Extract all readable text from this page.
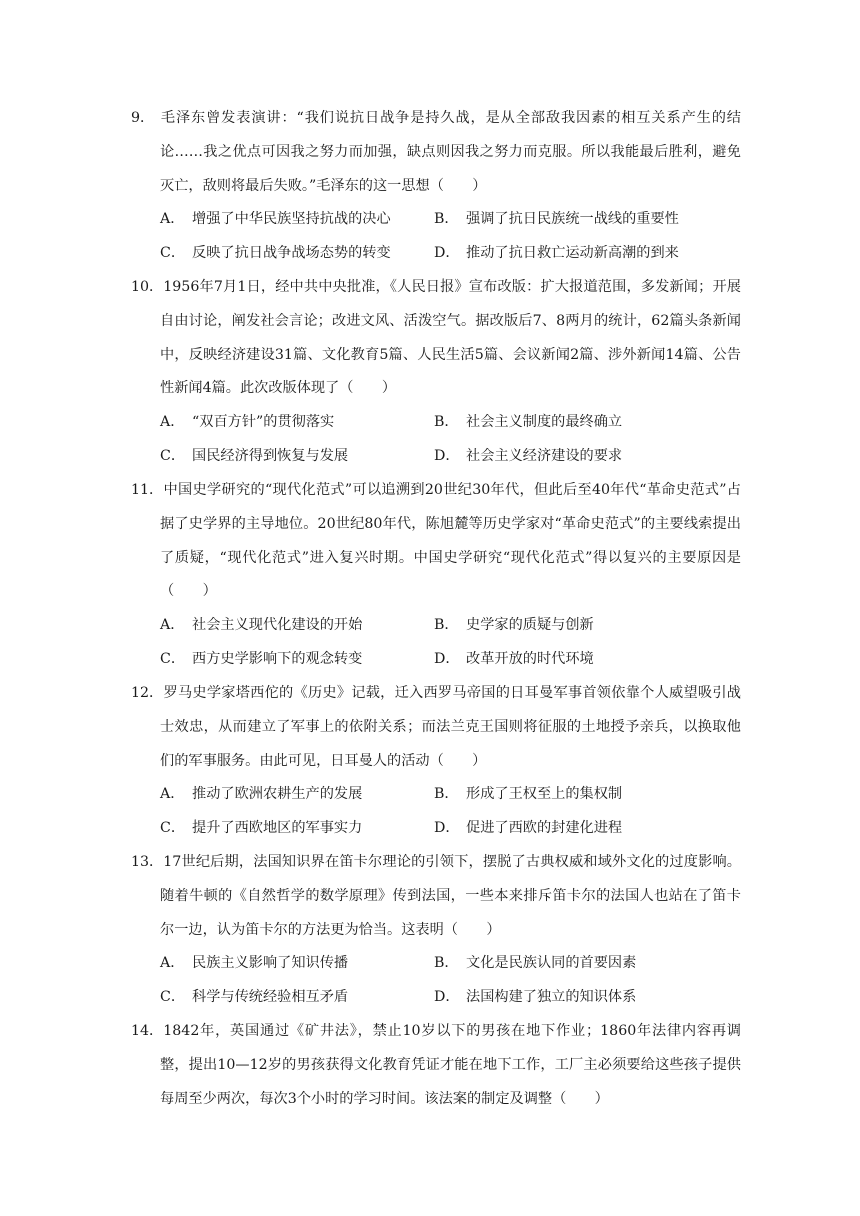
9． 毛泽东曾发表演讲：“我们说抗日战争是持久战，是从全部敌我因素的相互关系产生的结论……我之优点可因我之努力而加强，缺点则因我之努力而克服。所以我能最后胜利，避免灭亡，敌则将最后失败。”毛泽东的这一思想（　　）
A． 增强了中华民族坚持抗战的决心	B． 强调了抗日民族统一战线的重要性
C． 反映了抗日战争战场态势的转变	D． 推动了抗日救亡运动新高潮的到来
10．1956年7月1日，经中共中央批准，《人民日报》宣布改版：扩大报道范围，多发新闻；开展自由讨论，阐发社会言论；改进文风、活泼空气。据改版后7、8两月的统计，62篇头条新闻中，反映经济建设31篇、文化教育5篇、人民生活5篇、会议新闻2篇、涉外新闻14篇、公告性新闻4篇。此次改版体现了（　　）
A． “双百方针”的贯彻落实	B． 社会主义制度的最终确立
C． 国民经济得到恢复与发展	D． 社会主义经济建设的要求
11．中国史学研究的“现代化范式”可以追溯到20世纪30年代，但此后至40年代“革命史范式”占据了史学界的主导地位。20世纪80年代，陈旭麓等历史学家对“革命史范式”的主要线索提出了质疑，“现代化范式”进入复兴时期。中国史学研究“现代化范式”得以复兴的主要原因是（　　）
A． 社会主义现代化建设的开始	B． 史学家的质疑与创新
C． 西方史学影响下的观念转变	D． 改革开放的时代环境
12．罗马史学家塔西佗的《历史》记载，迁入西罗马帝国的日耳曼军事首领依靠个人威望吸引战士效忠，从而建立了军事上的依附关系；而法兰克王国则将征服的土地授予亲兵，以换取他们的军事服务。由此可见，日耳曼人的活动（　　）
A． 推动了欧洲农耕生产的发展	B． 形成了王权至上的集权制
C． 提升了西欧地区的军事实力	D． 促进了西欧的封建化进程
13．17世纪后期，法国知识界在笛卡尔理论的引领下，摆脱了古典权威和域外文化的过度影响。随着牛顿的《自然哲学的数学原理》传到法国，一些本来排斥笛卡尔的法国人也站在了笛卡尔一边，认为笛卡尔的方法更为恰当。这表明（　　）
A． 民族主义影响了知识传播	B． 文化是民族认同的首要因素
C． 科学与传统经验相互矛盾	D． 法国构建了独立的知识体系
14．1842年，英国通过《矿井法》，禁止10岁以下的男孩在地下作业；1860年法律内容再调整，提出10—12岁的男孩获得文化教育凭证才能在地下工作，工厂主必须要给这些孩子提供每周至少两次，每次3个小时的学习时间。该法案的制定及调整（　　）
